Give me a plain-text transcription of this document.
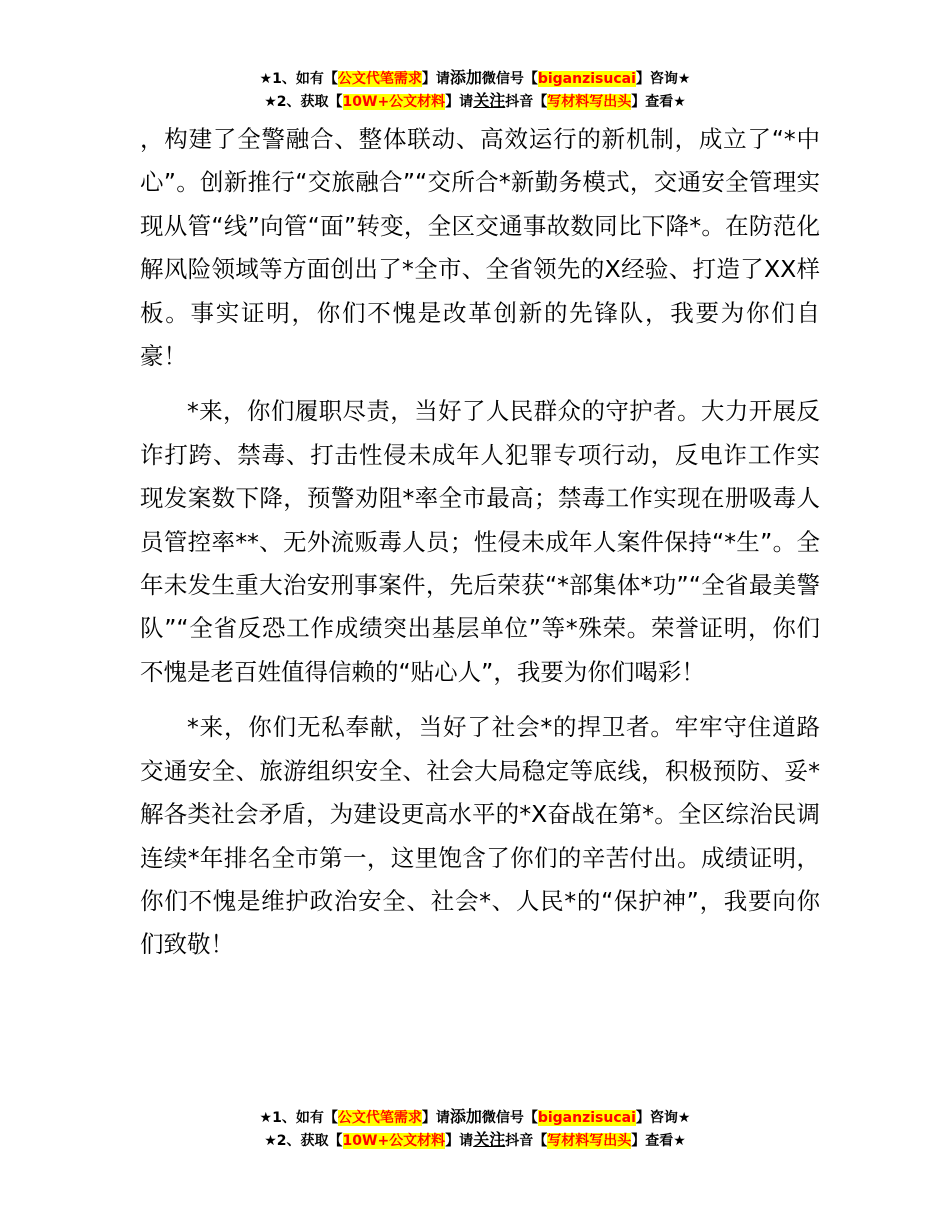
★1、如有【公文代笔需求】请添加微信号【biganzisucai】咨询★
★2、获取【10W+公文材料】请关注抖音【写材料写出头】查看★

，构建了全警融合、整体联动、高效运行的新机制，成立了“*中心”。创新推行“交旅融合”“交所合*新勤务模式，交通安全管理实现从管“线”向管“面”转变，全区交通事故数同比下降*。在防范化解风险领域等方面创出了*全市、全省领先的X经验、打造了XX样板。事实证明，你们不愧是改革创新的先锋队，我要为你们自豪！

*来，你们履职尽责，当好了人民群众的守护者。大力开展反诈打跨、禁毒、打击性侵未成年人犯罪专项行动，反电诈工作实现发案数下降，预警劝阻*率全市最高；禁毒工作实现在册吸毒人员管控率**、无外流贩毒人员；性侵未成年人案件保持“*生”。全年未发生重大治安刑事案件，先后荣获“*部集体*功”“全省最美警队”“全省反恐工作成绩突出基层单位”等*殊荣。荣誉证明，你们不愧是老百姓值得信赖的“贴心人”，我要为你们喝彩！

*来，你们无私奉献，当好了社会*的捍卫者。牢牢守住道路交通安全、旅游组织安全、社会大局稳定等底线，积极预防、妥*解各类社会矛盾，为建设更高水平的*X奋战在第*。全区综治民调连续*年排名全市第一，这里饱含了你们的辛苦付出。成绩证明，你们不愧是维护政治安全、社会*、人民*的“保护神”，我要向你们致敬！

★1、如有【公文代笔需求】请添加微信号【biganzisucai】咨询★
★2、获取【10W+公文材料】请关注抖音【写材料写出头】查看★
